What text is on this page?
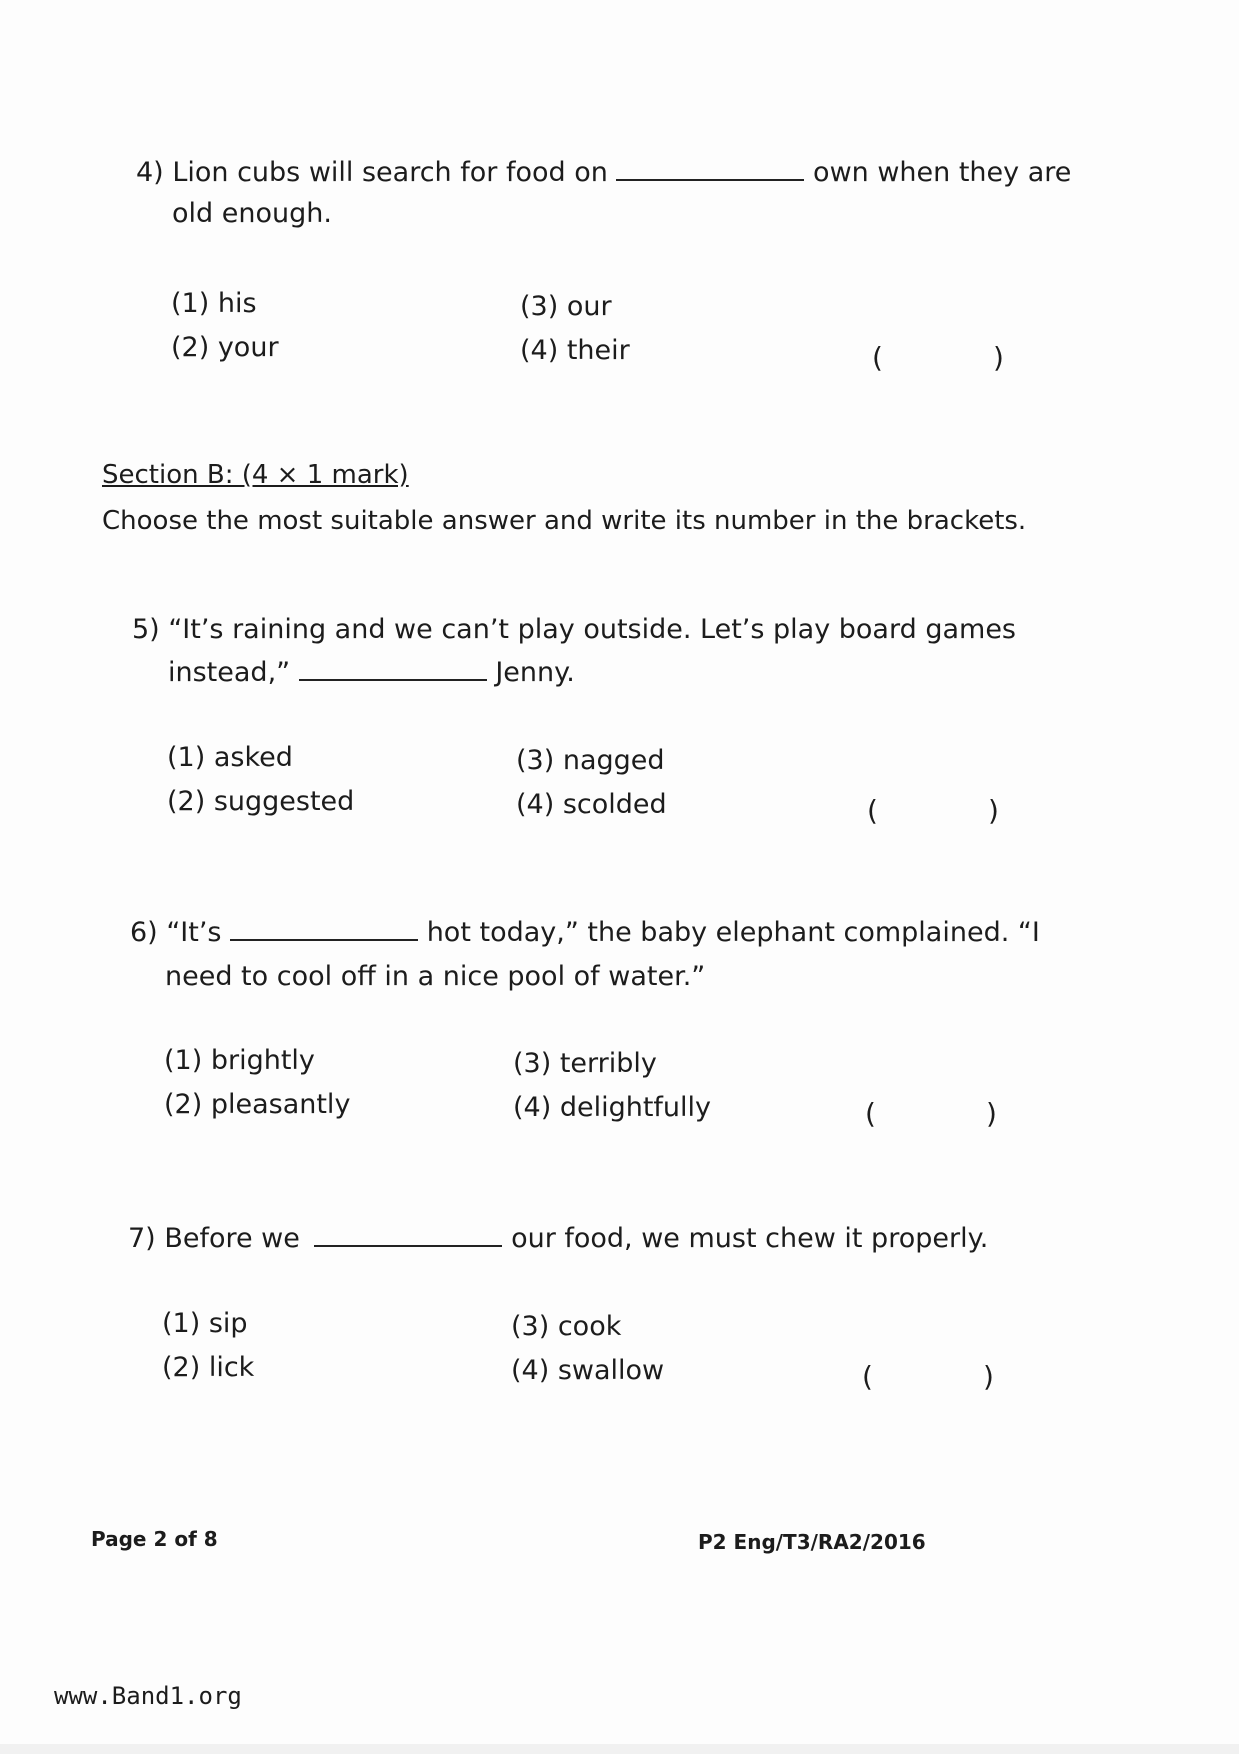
4) Lion cubs will search for food on	own when they are
old enough.
(1) his
(2) your
(3) our
(4) their	(	)
Section B: (4 × 1 mark)
Choose the most suitable answer and write its number in the brackets.
5) “It’s raining and we can’t play outside. Let’s play board games
instead,”	Jenny.
(1) asked
(2) suggested
(3) nagged
(4) scolded	(	)
6) “It’s	hot today,” the baby elephant complained. “I
need to cool off in a nice pool of water.”
(1) brightly
(2) pleasantly
(3) terribly
(4) delightfully	(	)
7) Before we	our food, we must chew it properly.
(1) sip
(2) lick
(3) cook
(4) swallow	(	)
Page 2 of 8	P2 Eng/T3/RA2/2016
www.Band1.org
